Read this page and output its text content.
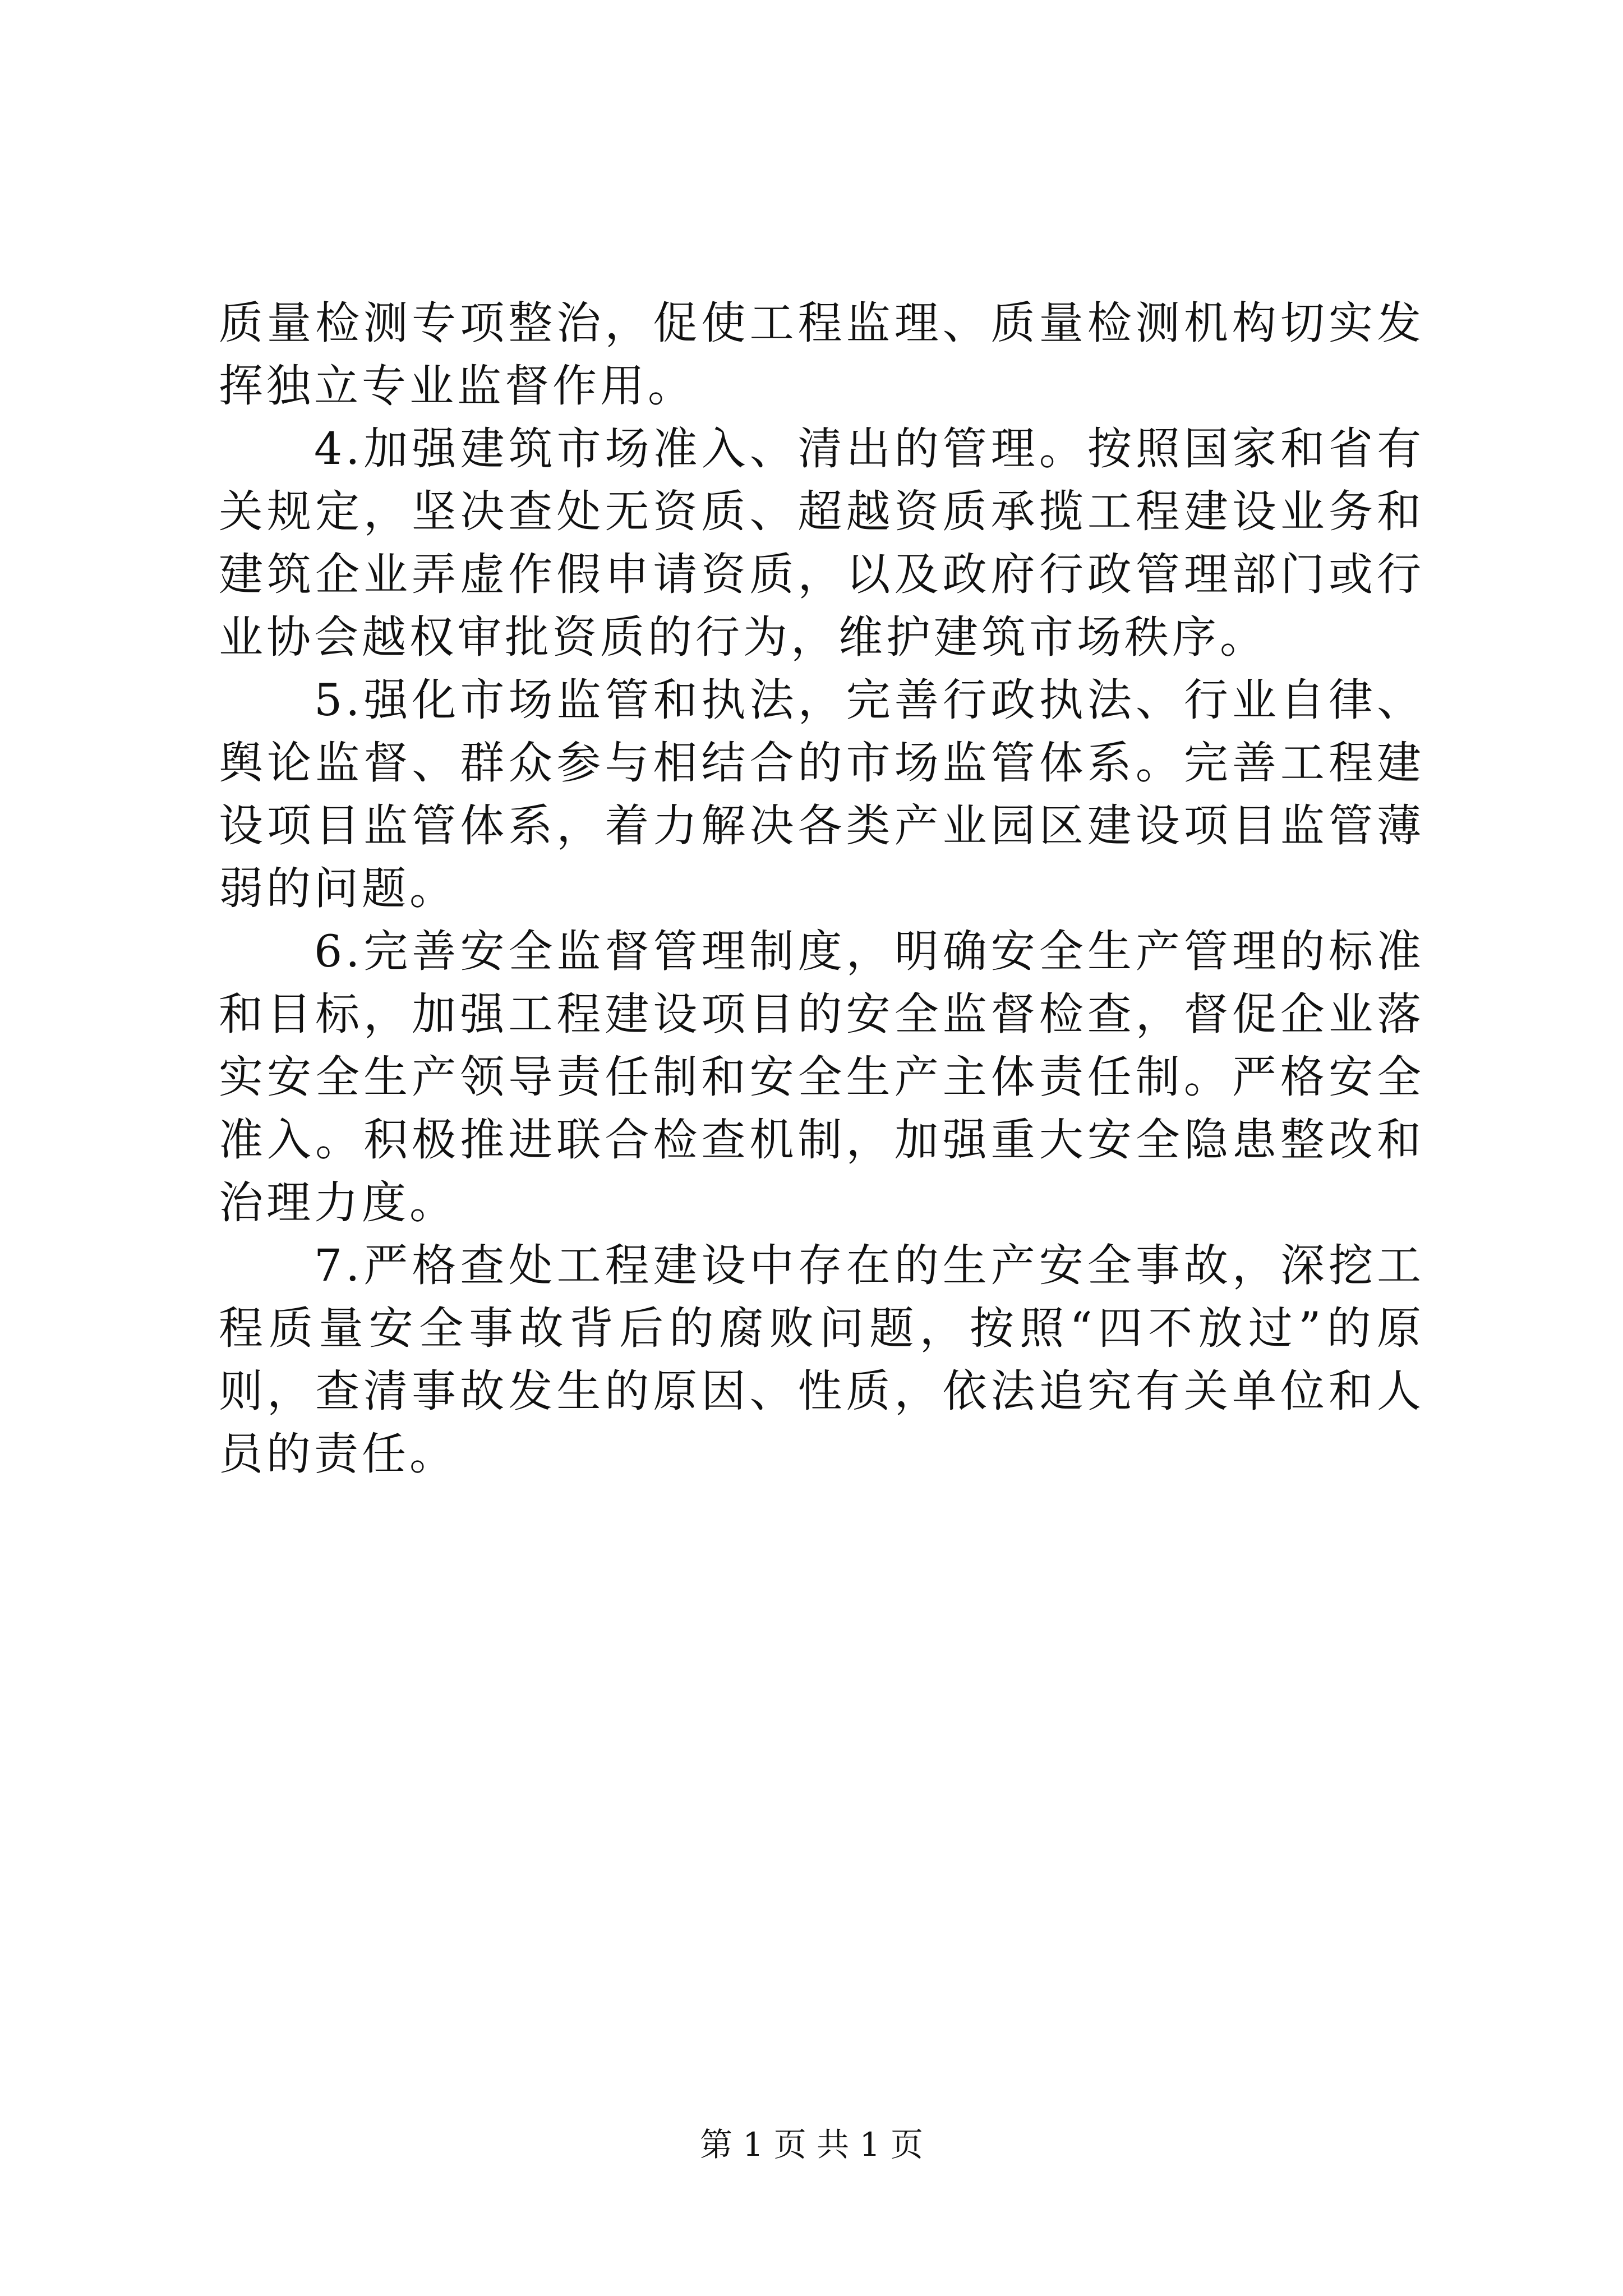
质量检测专项整治，促使工程监理、质量检测机构切实发挥独立专业监督作用。

4.加强建筑市场准入、清出的管理。按照国家和省有关规定，坚决查处无资质、超越资质承揽工程建设业务和建筑企业弄虚作假申请资质，以及政府行政管理部门或行业协会越权审批资质的行为，维护建筑市场秩序。

5.强化市场监管和执法，完善行政执法、行业自律、舆论监督、群众参与相结合的市场监管体系。完善工程建设项目监管体系，着力解决各类产业园区建设项目监管薄弱的问题。

6.完善安全监督管理制度，明确安全生产管理的标准和目标，加强工程建设项目的安全监督检查，督促企业落实安全生产领导责任制和安全生产主体责任制。严格安全准入。积极推进联合检查机制，加强重大安全隐患整改和治理力度。

7.严格查处工程建设中存在的生产安全事故，深挖工程质量安全事故背后的腐败问题，按照“四不放过”的原则，查清事故发生的原因、性质，依法追究有关单位和人员的责任。

第 1 页 共 1 页
